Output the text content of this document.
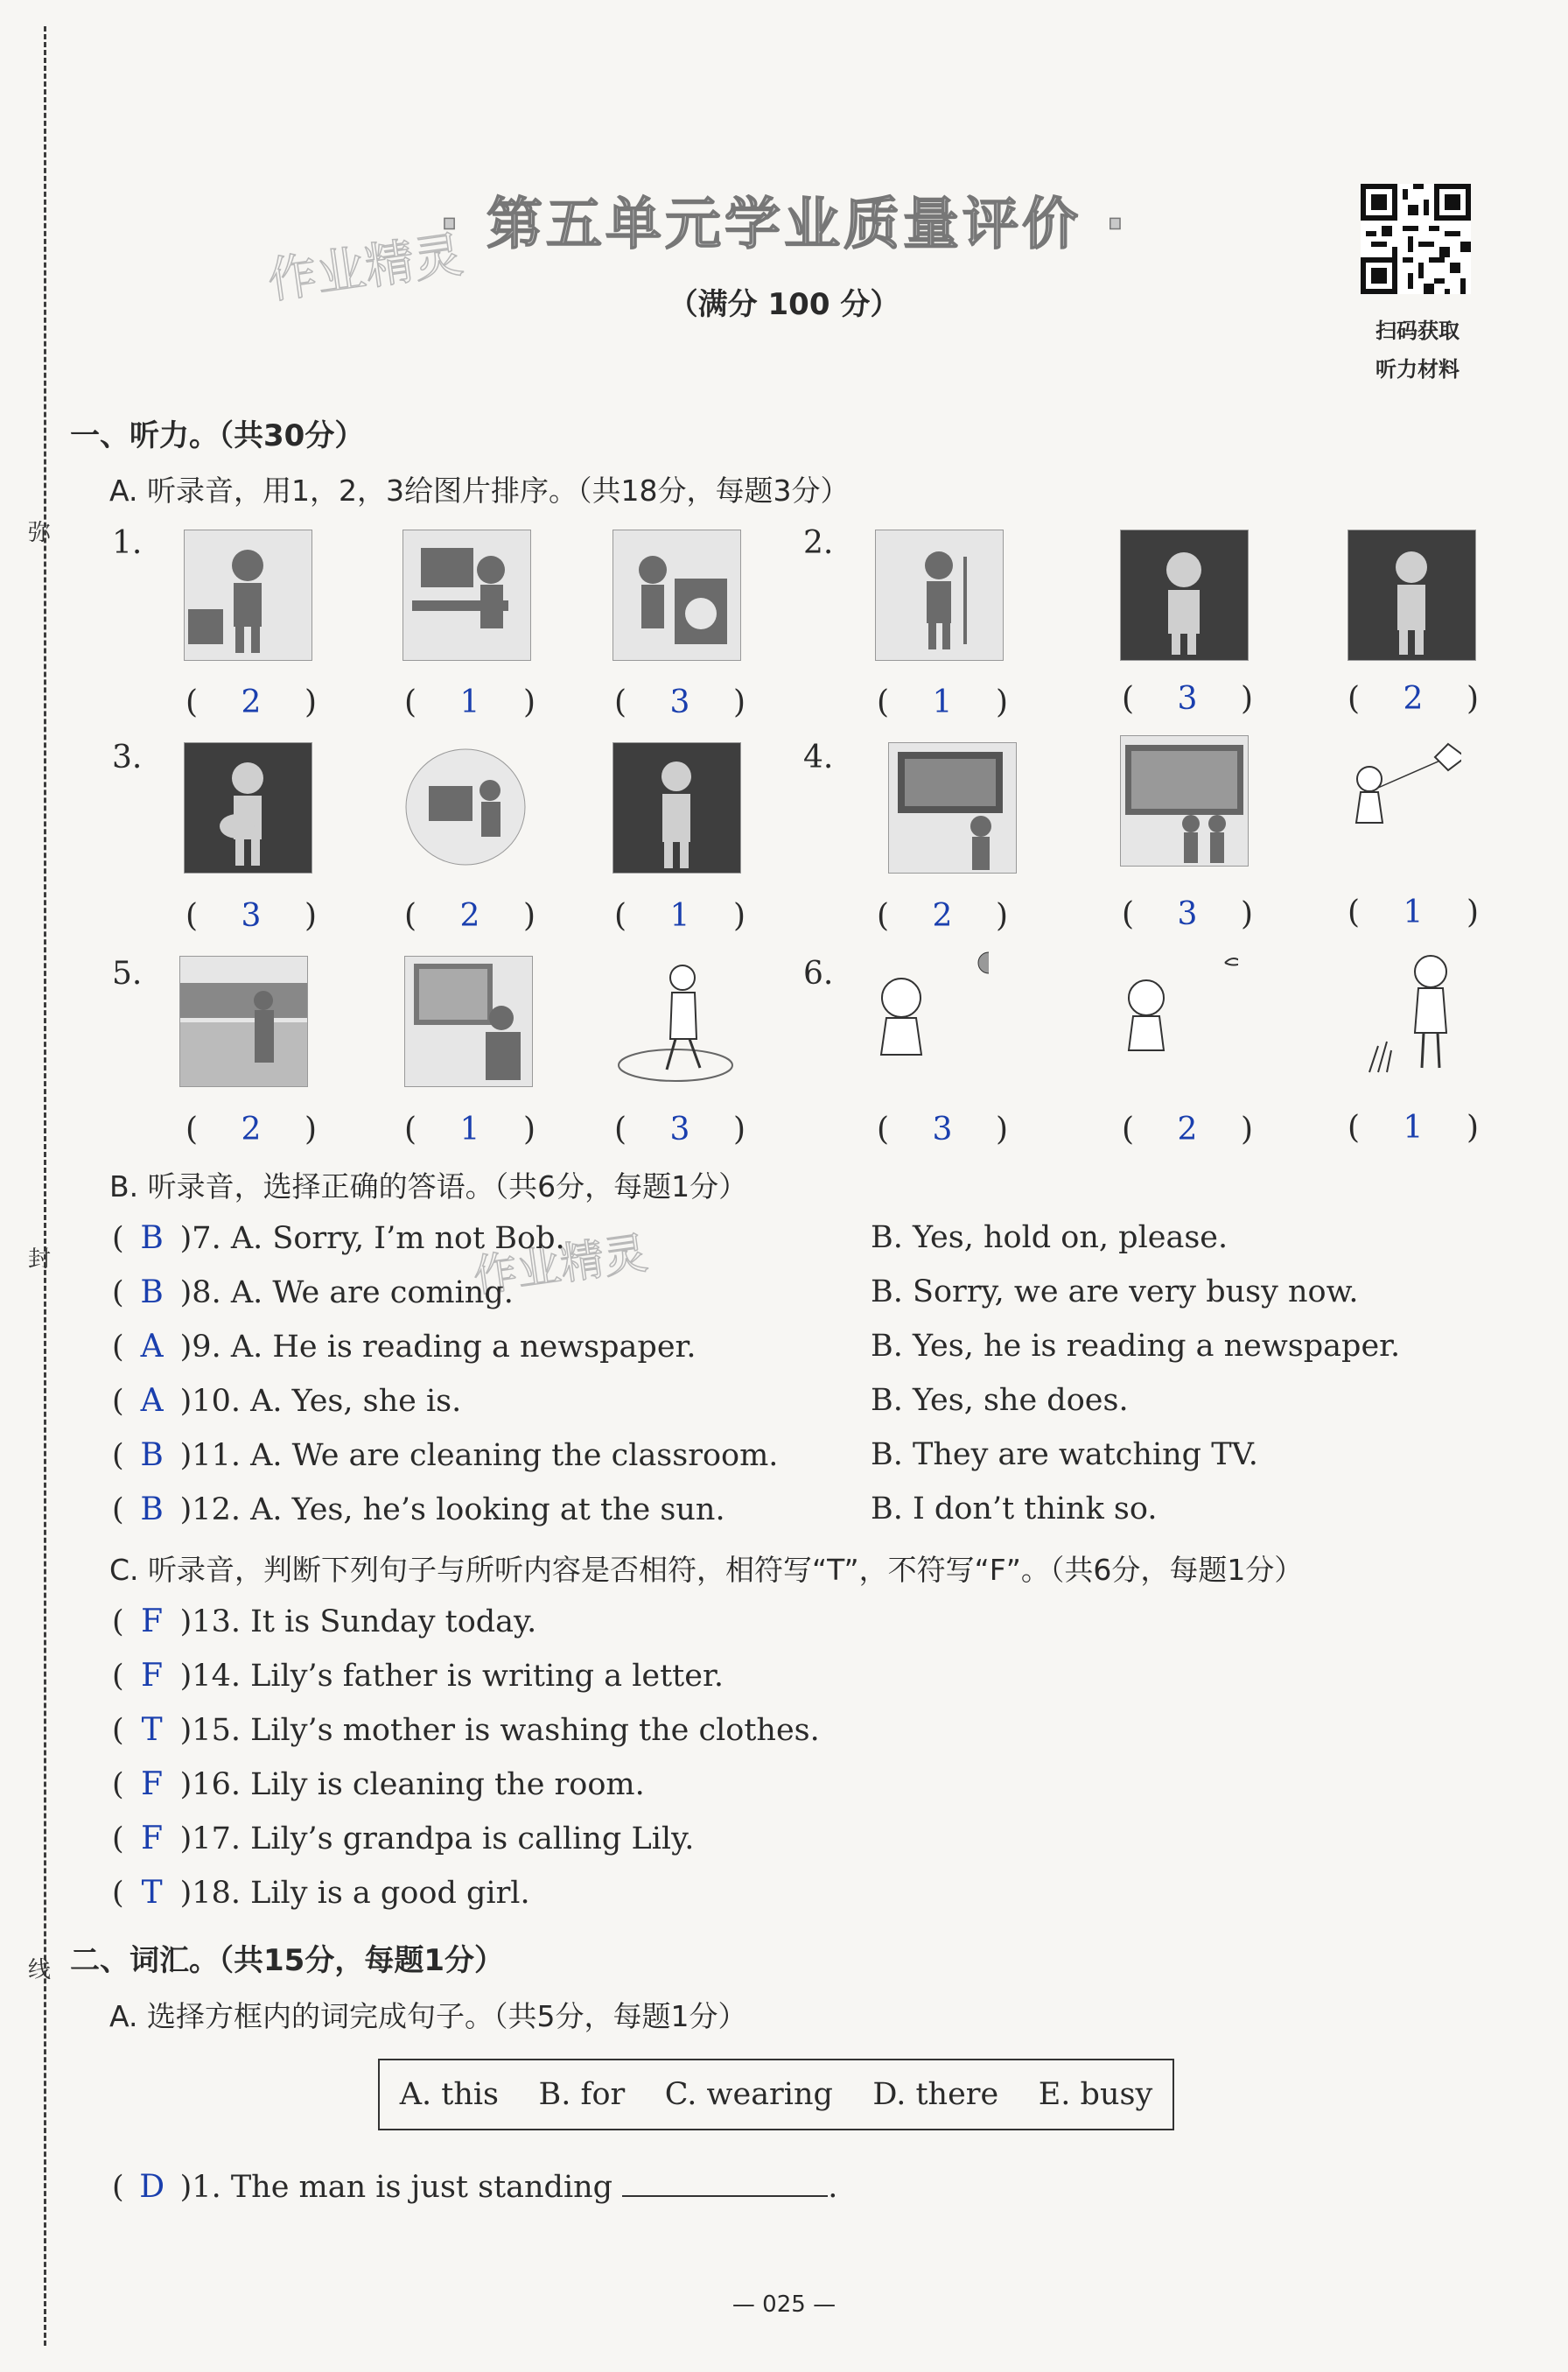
弥
封
线
· 第五单元学业质量评价 ·
（满分 100 分）
作业精灵
作业精灵
扫码获取
听力材料
一、听力。（共30分）
A. 听录音，用1，2，3给图片排序。（共18分，每题3分）
1.	2.
3.	4.
5.	6.
( 2 )	( 1 )	( 3 )	( 1 )	( 3 )	( 2 )
( 3 )	( 2 )	( 1 )	( 2 )	( 3 )	( 1 )
( 2 )	( 1 )	( 3 )	( 3 )	( 2 )	( 1 )
B. 听录音，选择正确的答语。（共6分，每题1分）
( B )7. A. Sorry, I’m not Bob.	B. Yes, hold on, please.
( B )8. A. We are coming.	B. Sorry, we are very busy now.
( A )9. A. He is reading a newspaper.	B. Yes, he is reading a newspaper.
( A )10. A. Yes, she is.	B. Yes, she does.
( B )11. A. We are cleaning the classroom.	B. They are watching TV.
( B )12. A. Yes, he’s looking at the sun.	B. I don’t think so.
C. 听录音，判断下列句子与所听内容是否相符，相符写“T”，不符写“F”。（共6分，每题1分）
( F )13. It is Sunday today.
( F )14. Lily’s father is writing a letter.
( T )15. Lily’s mother is washing the clothes.
( F )16. Lily is cleaning the room.
( F )17. Lily’s grandpa is calling Lily.
( T )18. Lily is a good girl.
二、词汇。（共15分，每题1分）
A. 选择方框内的词完成句子。（共5分，每题1分）
A. this B. for C. wearing D. there E. busy
( D )1. The man is just standing	.
— 025 —
